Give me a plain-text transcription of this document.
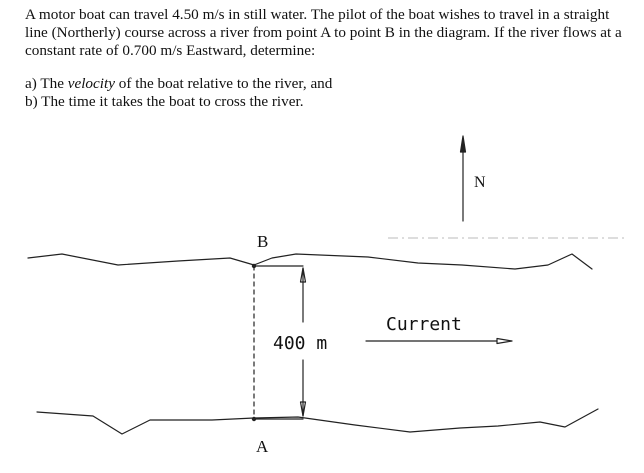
A motor boat can travel 4.50 m/s in still water. The pilot of the boat wishes to travel in a straight line (Northerly) course across a river from point A to point B in the diagram. If the river flows at a constant rate of 0.700 m/s Eastward, determine:

a) The velocity of the boat relative to the river, and

b) The time it takes the boat to cross the river.

N
B
A
400 m
Current
